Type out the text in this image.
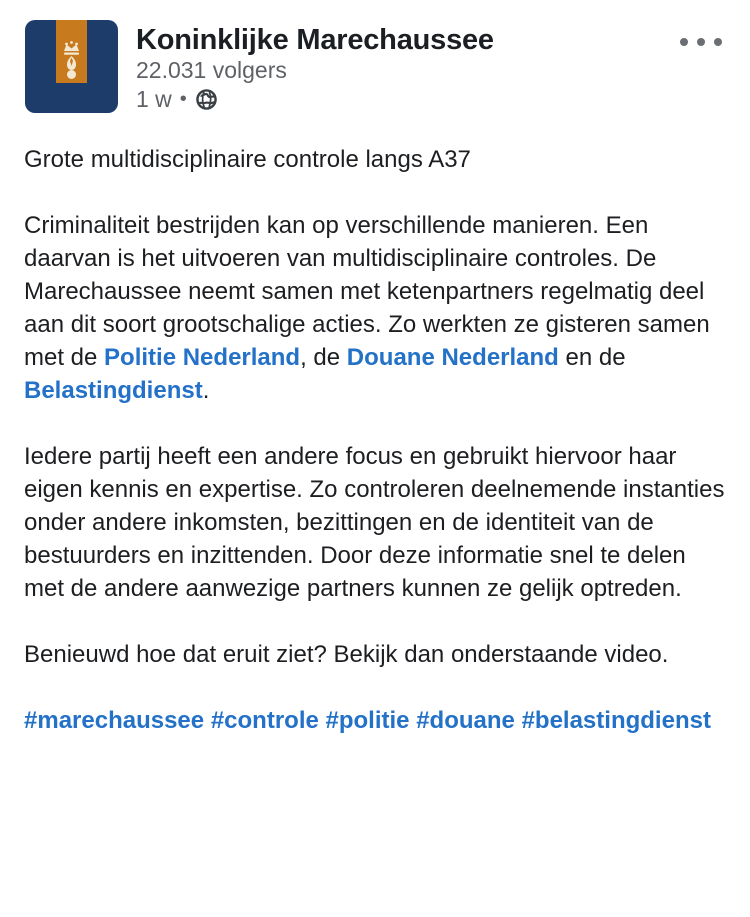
Koninklijke Marechaussee
22.031 volgers
1 w •

Grote multidisciplinaire controle langs A37

Criminaliteit bestrijden kan op verschillende manieren. Een daarvan is het uitvoeren van multidisciplinaire controles. De Marechaussee neemt samen met ketenpartners regelmatig deel aan dit soort grootschalige acties. Zo werkten ze gisteren samen met de Politie Nederland, de Douane Nederland en de Belastingdienst.

Iedere partij heeft een andere focus en gebruikt hiervoor haar eigen kennis en expertise. Zo controleren deelnemende instanties onder andere inkomsten, bezittingen en de identiteit van de bestuurders en inzittenden. Door deze informatie snel te delen met de andere aanwezige partners kunnen ze gelijk optreden.

Benieuwd hoe dat eruit ziet? Bekijk dan onderstaande video.

#marechaussee #controle #politie #douane #belastingdienst
